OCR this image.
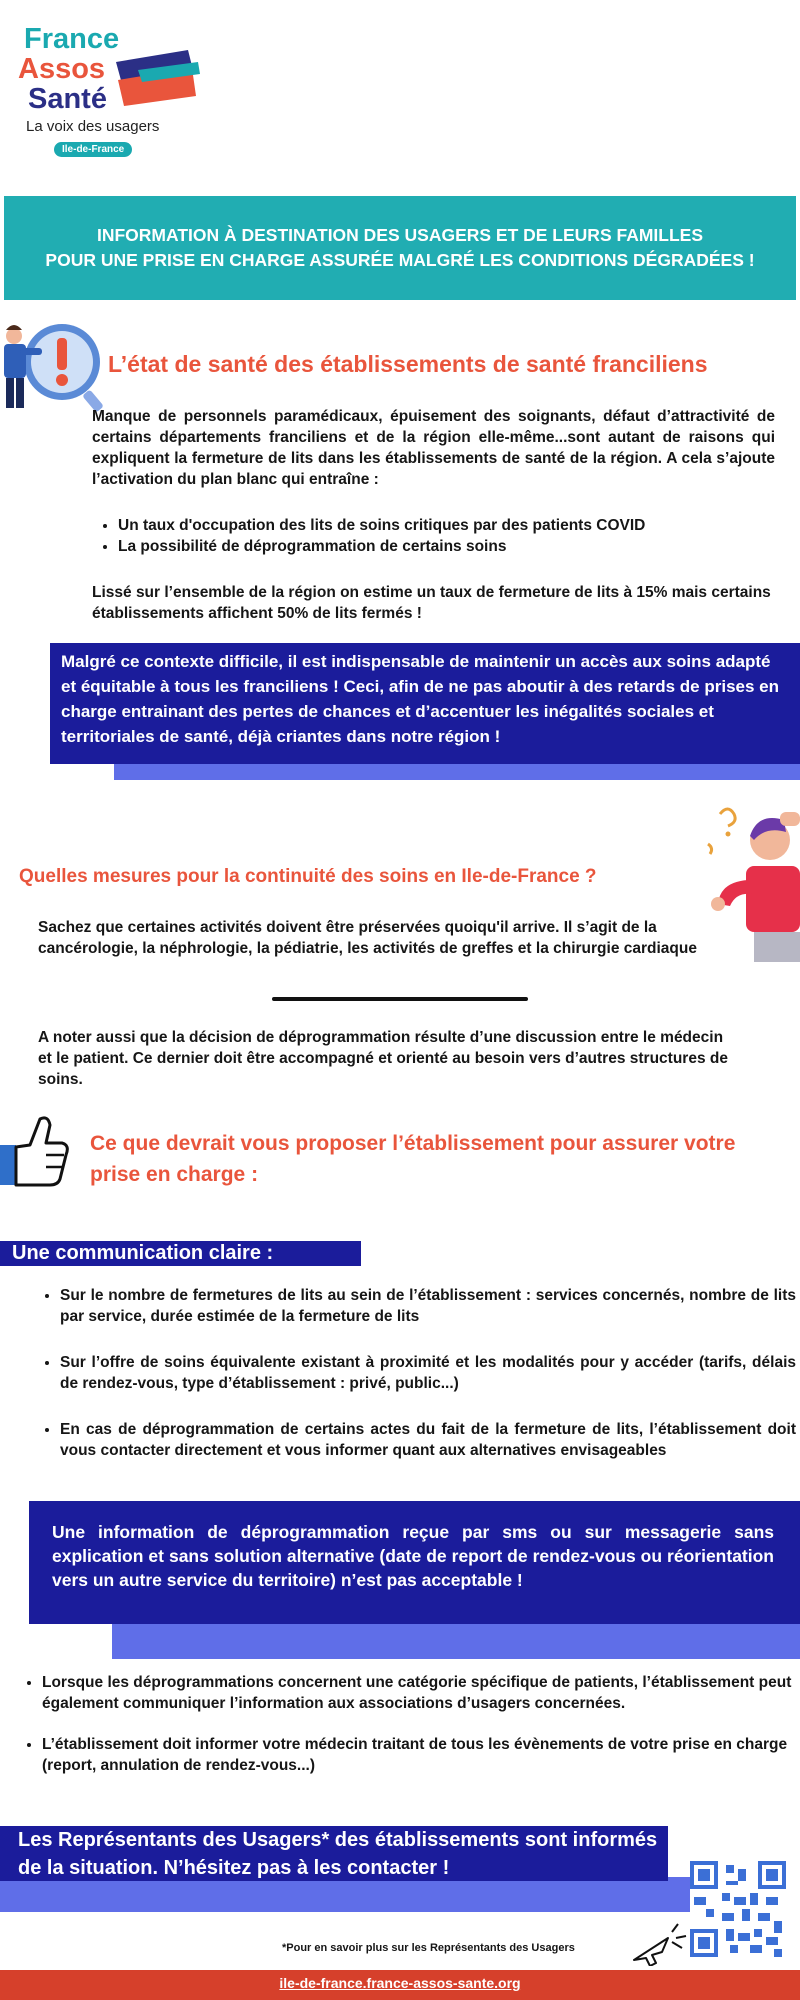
France
Assos
Santé
La voix des usagers
Ile-de-France
INFORMATION À DESTINATION DES USAGERS ET DE LEURS FAMILLES
POUR UNE PRISE EN CHARGE ASSURÉE MALGRÉ LES CONDITIONS DÉGRADÉES !
L’état de santé des établissements de santé franciliens
Manque de personnels paramédicaux, épuisement des soignants, défaut d’attractivité de certains départements franciliens et de la région elle-même...sont autant de raisons qui expliquent la fermeture de lits dans les établissements de santé de la région. A cela s’ajoute l’activation du plan blanc qui entraîne :
• Un taux d'occupation des lits de soins critiques par des patients COVID
• La possibilité de déprogrammation de certains soins
Lissé sur l’ensemble de la région on estime un taux de fermeture de lits à 15% mais certains établissements affichent 50% de lits fermés !
Malgré ce contexte difficile, il est indispensable de maintenir un accès aux soins adapté et équitable à tous les franciliens ! Ceci, afin de ne pas aboutir à des retards de prises en charge entrainant des pertes de chances et d’accentuer les inégalités sociales et territoriales de santé, déjà criantes dans notre région !
Quelles mesures pour la continuité des soins en Ile-de-France ?
Sachez que certaines activités doivent être préservées quoiqu'il arrive. Il s’agit de la cancérologie, la néphrologie, la pédiatrie, les activités de greffes et la chirurgie cardiaque
A noter aussi que la décision de déprogrammation résulte d’une discussion entre le médecin et le patient. Ce dernier doit être accompagné et orienté au besoin vers d’autres structures de soins.
Ce que devrait vous proposer l’établissement pour assurer votre prise en charge :
Une communication claire :
• Sur le nombre de fermetures de lits au sein de l’établissement : services concernés, nombre de lits par service, durée estimée de la fermeture de lits
• Sur l’offre de soins équivalente existant à proximité et les modalités pour y accéder (tarifs, délais de rendez-vous, type d’établissement : privé, public...)
• En cas de déprogrammation de certains actes du fait de la fermeture de lits, l’établissement doit vous contacter directement et vous informer quant aux alternatives envisageables
Une information de déprogrammation reçue par sms ou sur messagerie sans explication et sans solution alternative (date de report de rendez-vous ou réorientation vers un autre service du territoire) n’est pas acceptable !
• Lorsque les déprogrammations concernent une catégorie spécifique de patients, l’établissement peut également communiquer l’information aux associations d’usagers concernées.
• L’établissement doit informer votre médecin traitant de tous les évènements de votre prise en charge (report, annulation de rendez-vous...)
Les Représentants des Usagers* des établissements sont informés de la situation. N’hésitez pas à les contacter !
*Pour en savoir plus sur les Représentants des Usagers
ile-de-france.france-assos-sante.org
